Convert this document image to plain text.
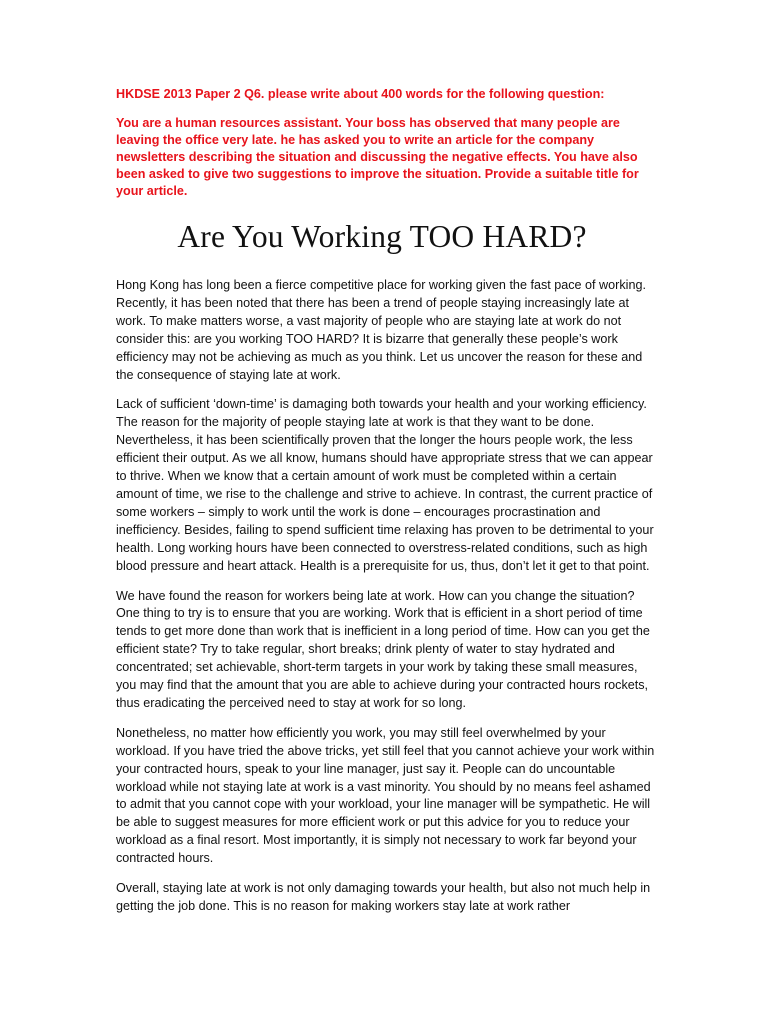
HKDSE 2013 Paper 2 Q6. please write about 400 words for the following question:

You are a human resources assistant. Your boss has observed that many people are leaving the office very late. he has asked you to write an article for the company newsletters describing the situation and discussing the negative effects. You have also been asked to give two suggestions to improve the situation. Provide a suitable title for your article.

Are You Working TOO HARD?

Hong Kong has long been a fierce competitive place for working given the fast pace of working. Recently, it has been noted that there has been a trend of people staying increasingly late at work. To make matters worse, a vast majority of people who are staying late at work do not consider this: are you working TOO HARD? It is bizarre that generally these people’s work efficiency may not be achieving as much as you think. Let us uncover the reason for these and the consequence of staying late at work.

Lack of sufficient ‘down-time’ is damaging both towards your health and your working efficiency. The reason for the majority of people staying late at work is that they want to be done. Nevertheless, it has been scientifically proven that the longer the hours people work, the less efficient their output. As we all know, humans should have appropriate stress that we can appear to thrive. When we know that a certain amount of work must be completed within a certain amount of time, we rise to the challenge and strive to achieve. In contrast, the current practice of some workers – simply to work until the work is done – encourages procrastination and inefficiency. Besides, failing to spend sufficient time relaxing has proven to be detrimental to your health. Long working hours have been connected to overstress-related conditions, such as high blood pressure and heart attack. Health is a prerequisite for us, thus, don’t let it get to that point.

We have found the reason for workers being late at work. How can you change the situation? One thing to try is to ensure that you are working. Work that is efficient in a short period of time tends to get more done than work that is inefficient in a long period of time. How can you get the efficient state? Try to take regular, short breaks; drink plenty of water to stay hydrated and concentrated; set achievable, short-term targets in your work by taking these small measures, you may find that the amount that you are able to achieve during your contracted hours rockets, thus eradicating the perceived need to stay at work for so long.

Nonetheless, no matter how efficiently you work, you may still feel overwhelmed by your workload. If you have tried the above tricks, yet still feel that you cannot achieve your work within your contracted hours, speak to your line manager, just say it. People can do uncountable workload while not staying late at work is a vast minority. You should by no means feel ashamed to admit that you cannot cope with your workload, your line manager will be sympathetic. He will be able to suggest measures for more efficient work or put this advice for you to reduce your workload as a final resort. Most importantly, it is simply not necessary to work far beyond your contracted hours.

Overall, staying late at work is not only damaging towards your health, but also not much help in getting the job done. This is no reason for making workers stay late at work rather
